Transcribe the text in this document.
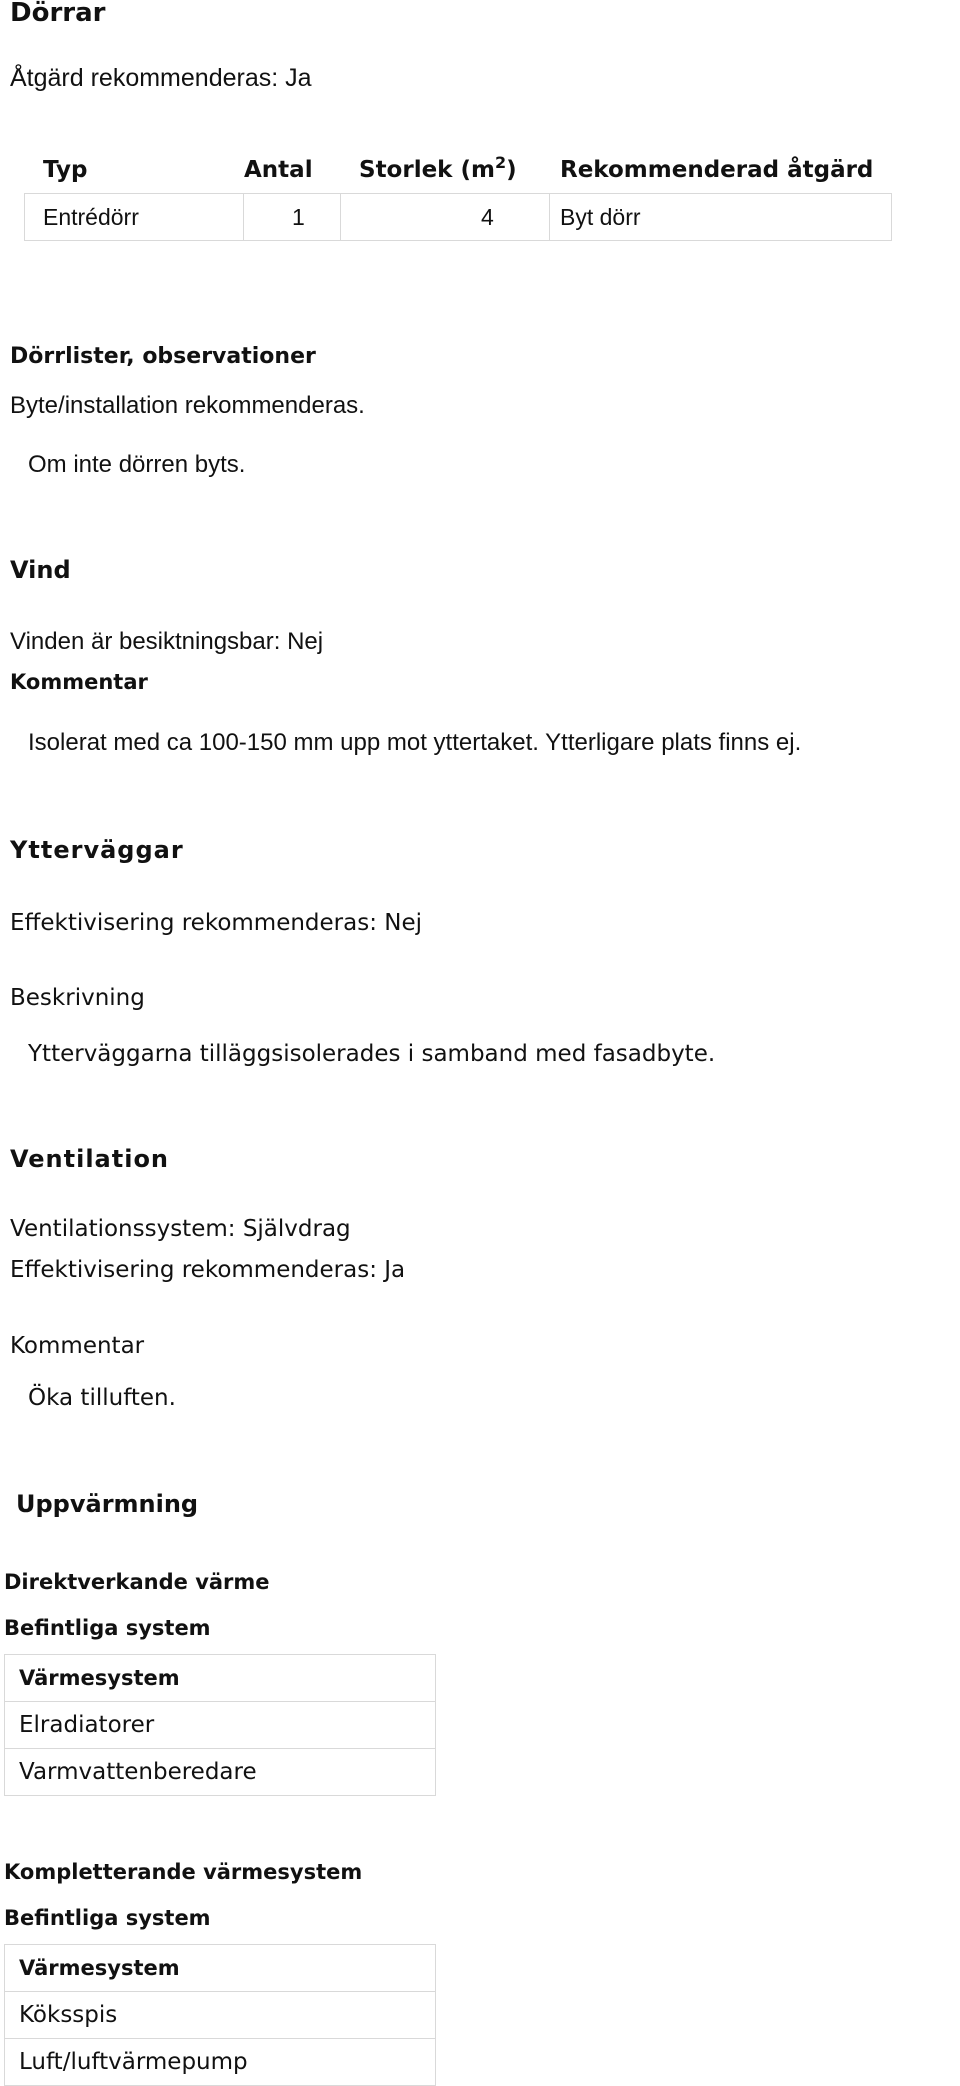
Dörrar
Åtgärd rekommenderas: Ja
Typ	Antal	Storlek $(m^2)$	Rekommenderad åtgärd
Entrédörr	1	4	Byt dörr
Dörrlister, observationer
Byte/installation rekommenderas.
Om inte dörren byts.
Vind
Vinden är besiktningsbar: Nej
Kommentar
Isolerat med ca 100-150 mm upp mot yttertaket. Ytterligare plats finns ej.
Ytterväggar
Effektivisering rekommenderas: Nej
Beskrivning
Ytterväggarna tilläggsisolerades i samband med fasadbyte.
Ventilation
Ventilationssystem: Självdrag
Effektivisering rekommenderas: Ja
Kommentar
Öka tilluften.
Uppvärmning
Direktverkande värme
Befintliga system
Värmesystem
Elradiatorer
Varmvattenberedare
Kompletterande värmesystem
Befintliga system
Värmesystem
Köksspis
Luft/luftvärmepump
